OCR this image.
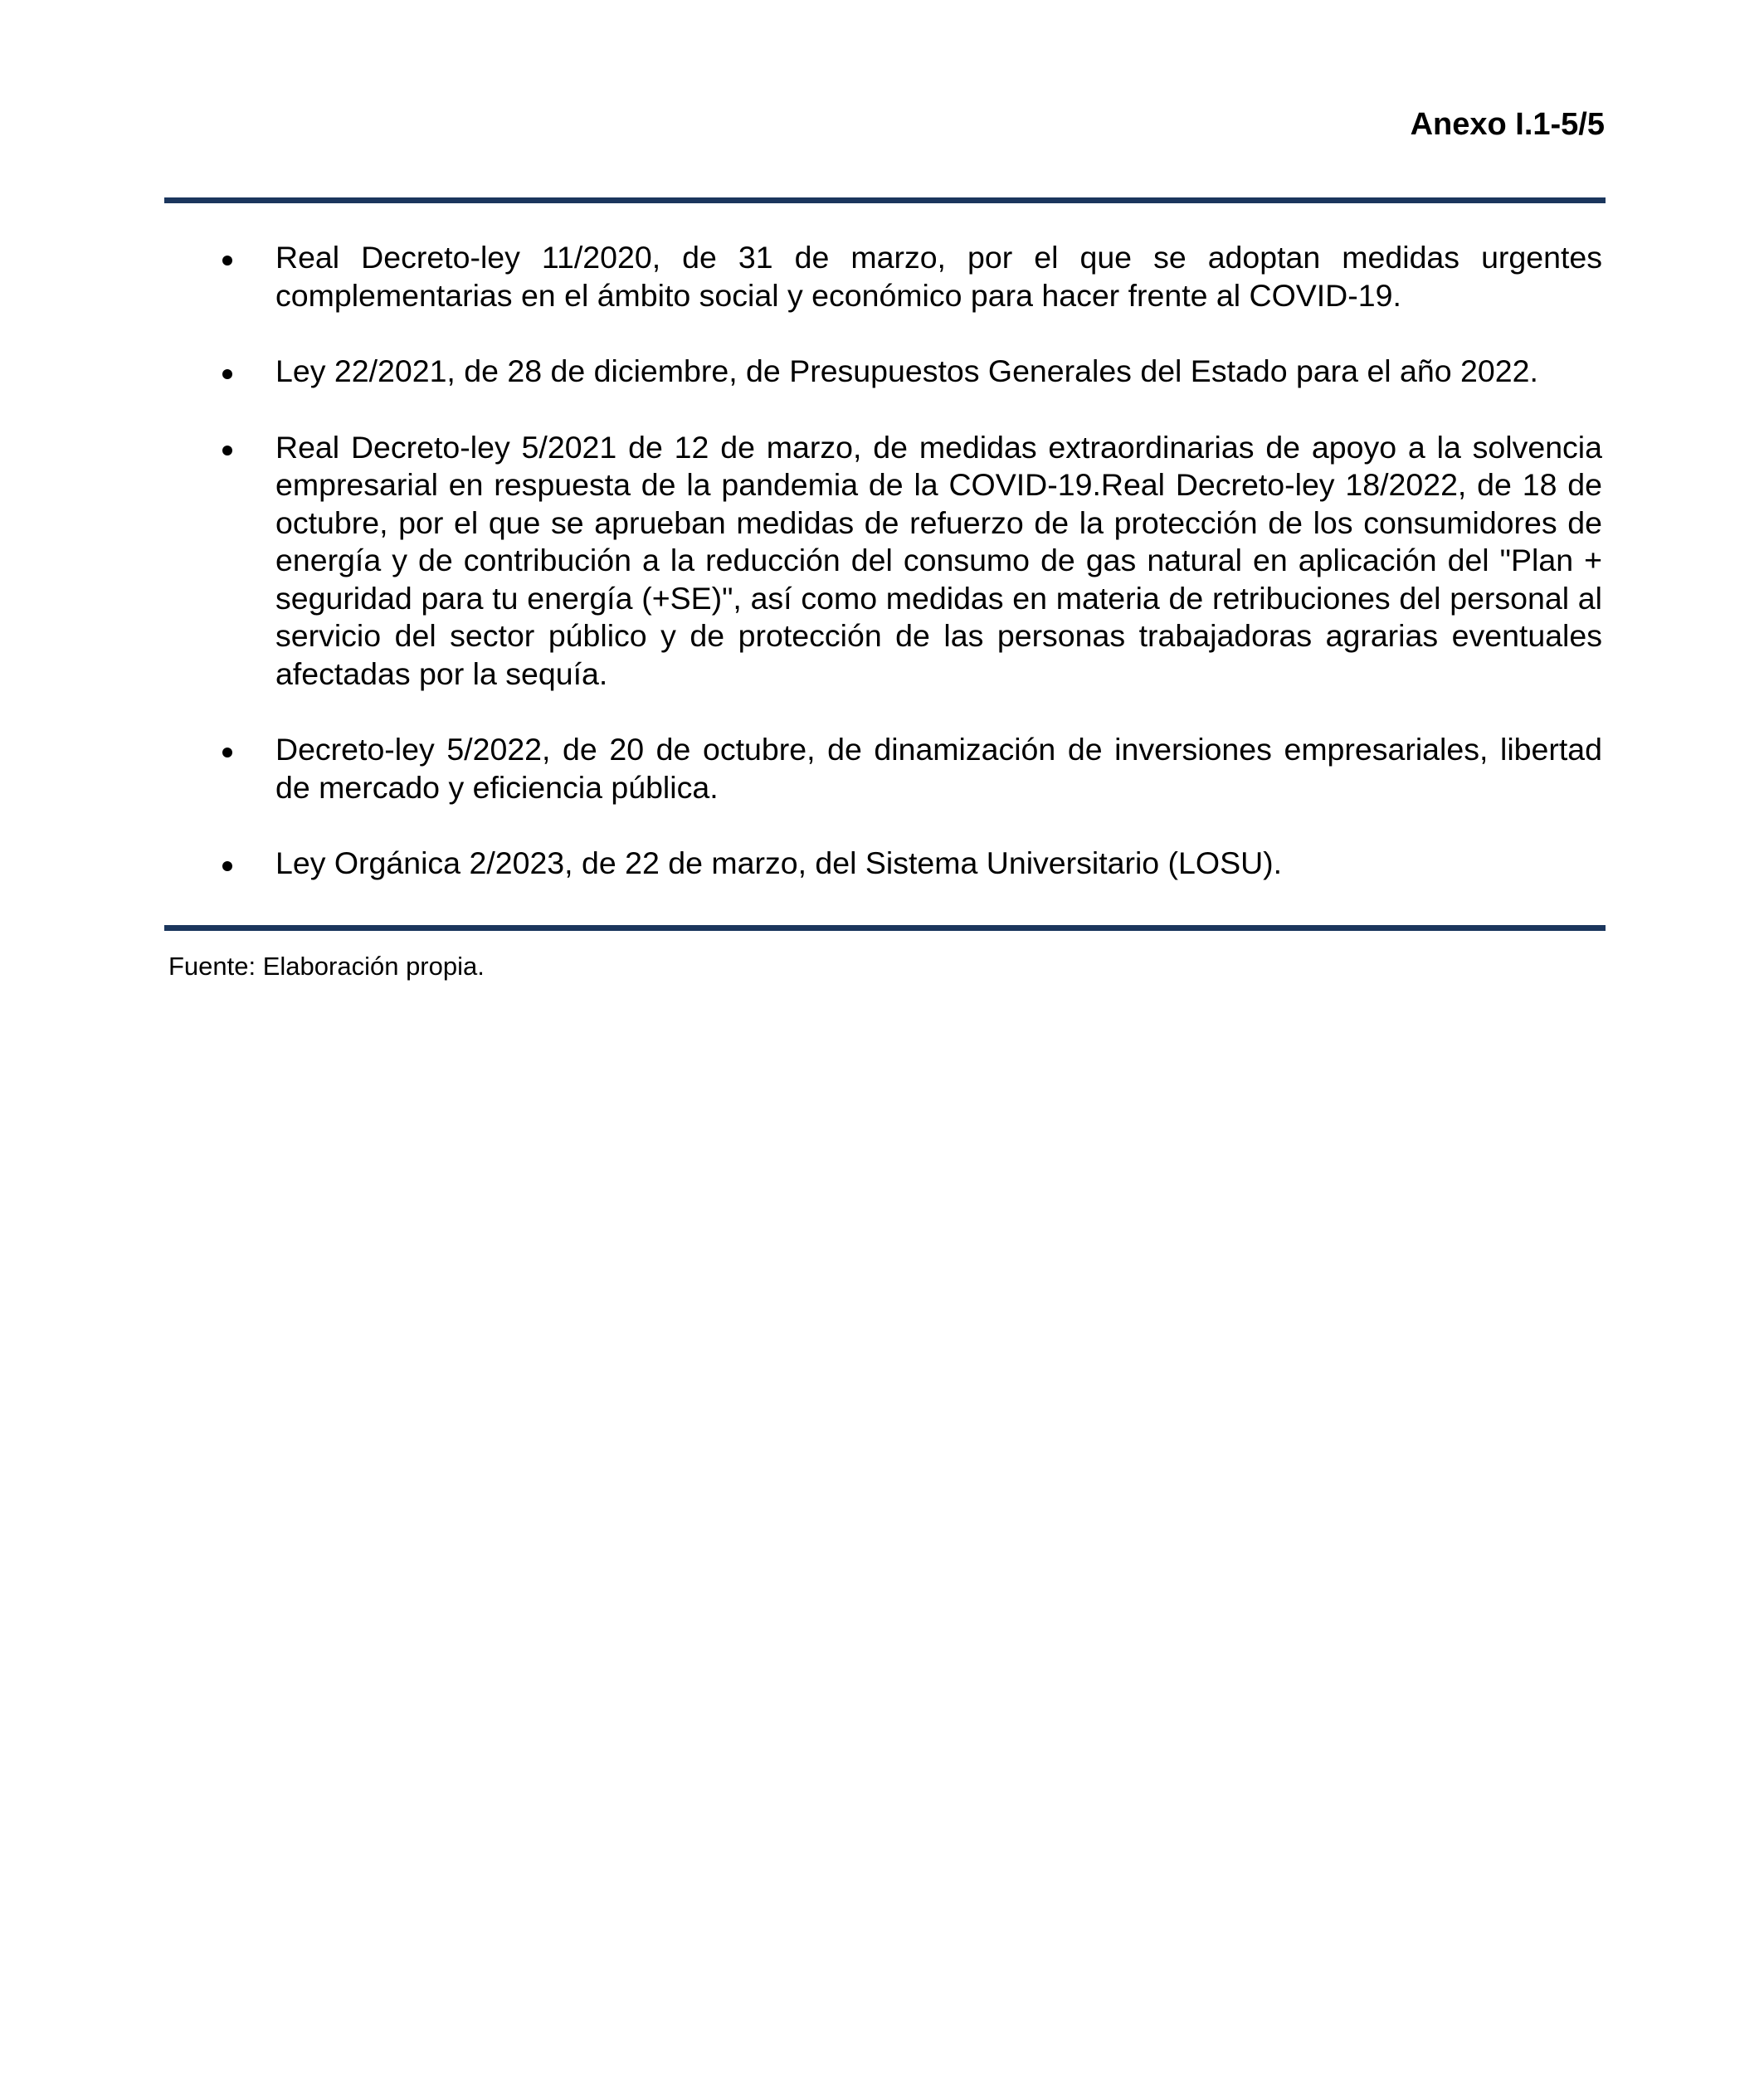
Anexo I.1-5/5
Real Decreto-ley 11/2020, de 31 de marzo, por el que se adoptan medidas urgentes complementarias en el ámbito social y económico para hacer frente al COVID-19.
Ley 22/2021, de 28 de diciembre, de Presupuestos Generales del Estado para el año 2022.
Real Decreto-ley 5/2021 de 12 de marzo, de medidas extraordinarias de apoyo a la solvencia empresarial en respuesta de la pandemia de la COVID-19.Real Decreto-ley 18/2022, de 18 de octubre, por el que se aprueban medidas de refuerzo de la protección de los consumidores de energía y de contribución a la reducción del consumo de gas natural en aplicación del "Plan + seguridad para tu energía (+SE)", así como medidas en materia de retribuciones del personal al servicio del sector público y de protección de las personas trabajadoras agrarias eventuales afectadas por la sequía.
Decreto-ley 5/2022, de 20 de octubre, de dinamización de inversiones empresariales, libertad de mercado y eficiencia pública.
Ley Orgánica 2/2023, de 22 de marzo, del Sistema Universitario (LOSU).

Fuente: Elaboración propia.
